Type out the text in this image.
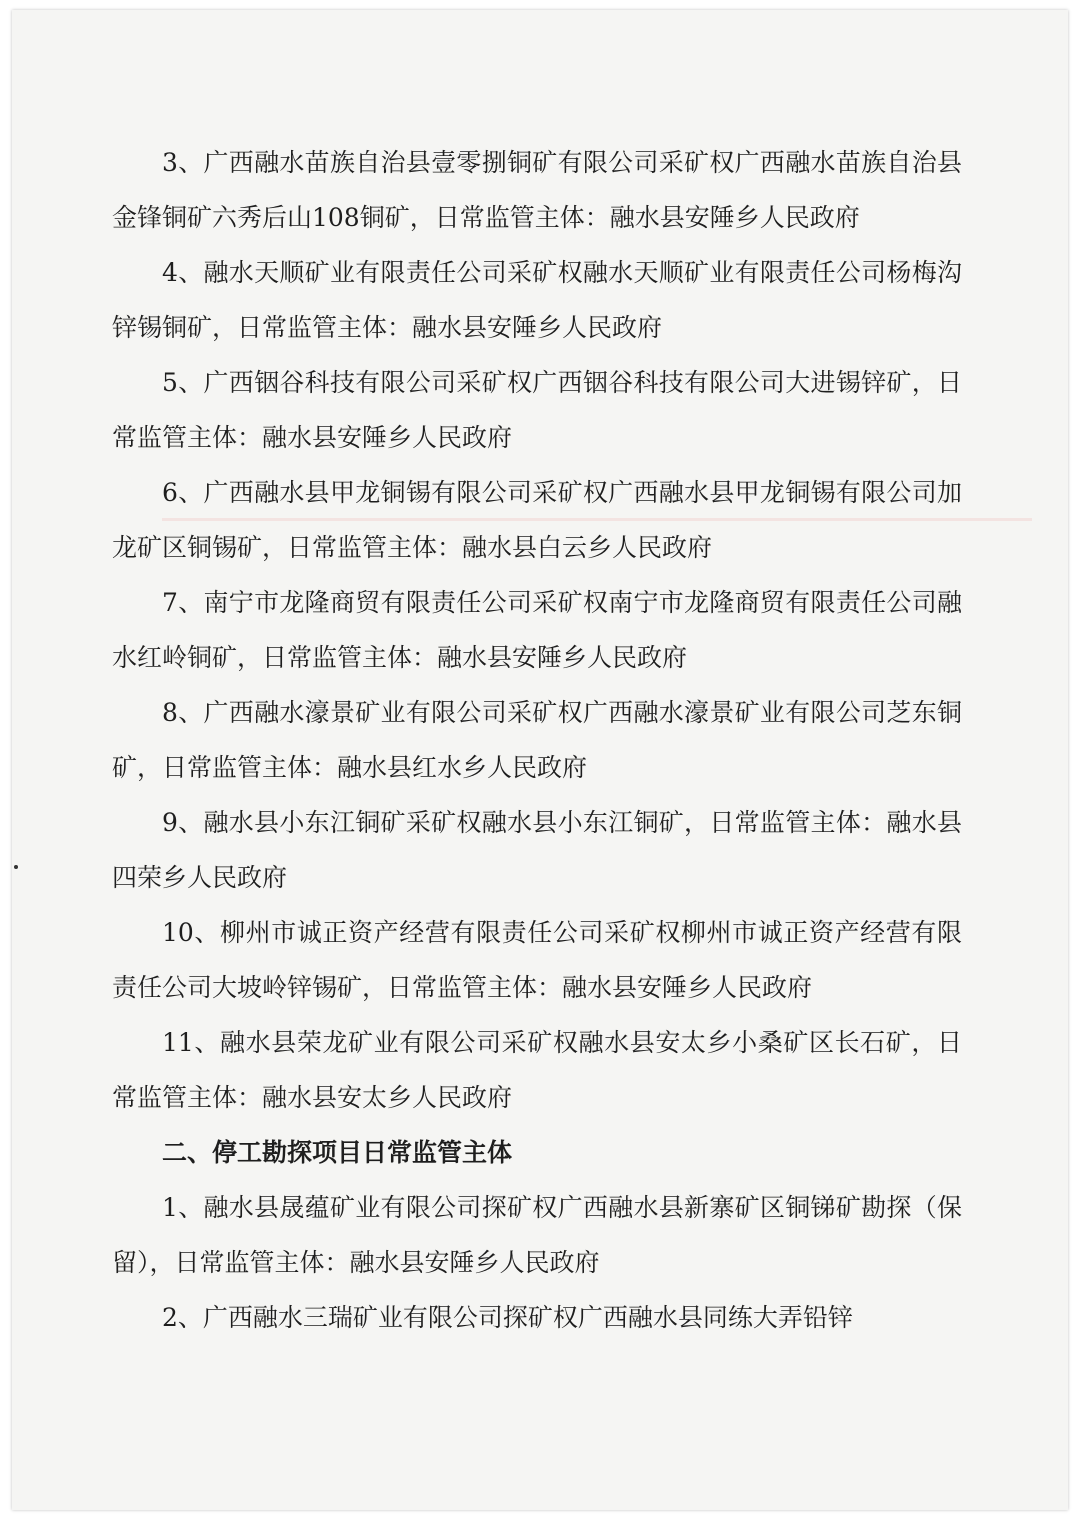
3、广西融水苗族自治县壹零捌铜矿有限公司采矿权广西融水苗族自治县金锋铜矿六秀后山108铜矿，日常监管主体：融水县安陲乡人民政府

4、融水天顺矿业有限责任公司采矿权融水天顺矿业有限责任公司杨梅沟锌锡铜矿，日常监管主体：融水县安陲乡人民政府

5、广西铟谷科技有限公司采矿权广西铟谷科技有限公司大进锡锌矿，日常监管主体：融水县安陲乡人民政府

6、广西融水县甲龙铜锡有限公司采矿权广西融水县甲龙铜锡有限公司加龙矿区铜锡矿，日常监管主体：融水县白云乡人民政府

7、南宁市龙隆商贸有限责任公司采矿权南宁市龙隆商贸有限责任公司融水红岭铜矿，日常监管主体：融水县安陲乡人民政府

8、广西融水濠景矿业有限公司采矿权广西融水濠景矿业有限公司芝东铜矿，日常监管主体：融水县红水乡人民政府

9、融水县小东江铜矿采矿权融水县小东江铜矿，日常监管主体：融水县四荣乡人民政府

10、柳州市诚正资产经营有限责任公司采矿权柳州市诚正资产经营有限责任公司大坡岭锌锡矿，日常监管主体：融水县安陲乡人民政府

11、融水县荣龙矿业有限公司采矿权融水县安太乡小桑矿区长石矿，日常监管主体：融水县安太乡人民政府

二、停工勘探项目日常监管主体

1、融水县晟蕴矿业有限公司探矿权广西融水县新寨矿区铜锑矿勘探（保留），日常监管主体：融水县安陲乡人民政府

2、广西融水三瑞矿业有限公司探矿权广西融水县同练大弄铅锌
